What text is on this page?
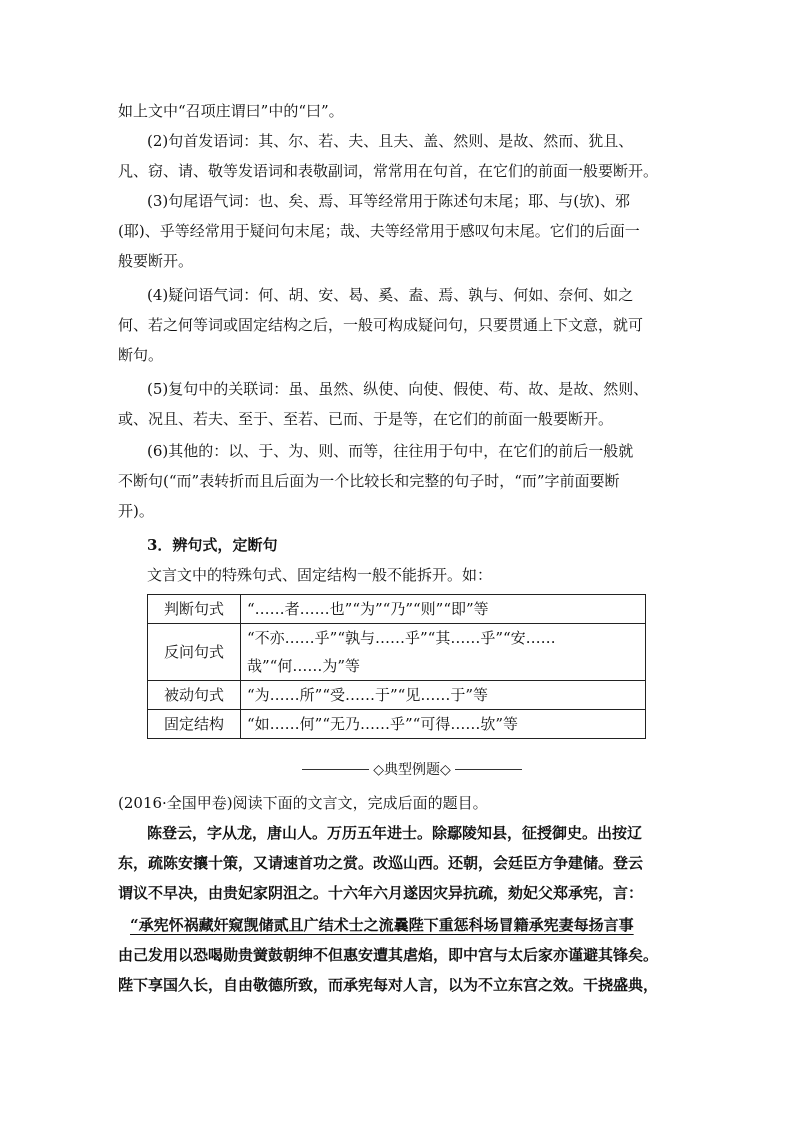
如上文中“召项庄谓曰”中的“曰”。
(2)句首发语词：其、尔、若、夫、且夫、盖、然则、是故、然而、犹且、
凡、窃、请、敬等发语词和表敬副词，常常用在句首，在它们的前面一般要断开。
(3)句尾语气词：也、矣、焉、耳等经常用于陈述句末尾；耶、与(欤)、邪
(耶)、乎等经常用于疑问句末尾；哉、夫等经常用于感叹句末尾。它们的后面一
般要断开。
(4)疑问语气词：何、胡、安、曷、奚、盍、焉、孰与、何如、奈何、如之
何、若之何等词或固定结构之后，一般可构成疑问句，只要贯通上下文意，就可
断句。
(5)复句中的关联词：虽、虽然、纵使、向使、假使、苟、故、是故、然则、
或、况且、若夫、至于、至若、已而、于是等，在它们的前面一般要断开。
(6)其他的：以、于、为、则、而等，往往用于句中，在它们的前后一般就
不断句(“而”表转折而且后面为一个比较长和完整的句子时，“而”字前面要断
开)。
3．辨句式，定断句
文言文中的特殊句式、固定结构一般不能拆开。如：
判断句式	“……者……也”“为”“乃”“则”“即”等
反问句式	“不亦……乎”“孰与……乎”“其……乎”“安……
哉”“何……为”等

被动句式	“为……所”“受……于”“见……于”等
固定结构	“如……何”“无乃……乎”“可得……欤”等
◇典型例题◇
(2016·全国甲卷)阅读下面的文言文，完成后面的题目。
陈登云，字从龙，唐山人。万历五年进士。除鄢陵知县，征授御史。出按辽
东，疏陈安攘十策，又请速首功之赏。改巡山西。还朝，会廷臣方争建储。登云
谓议不早决，由贵妃家阴沮之。十六年六月遂因灾异抗疏，劾妃父郑承宪，言：
“承宪怀祸藏奸窥觊储贰且广结术士之流曩陛下重惩科场冒籍承宪妻每扬言事
由己发用以恐喝勋贵黉鼓朝绅不但惠安遭其虐焰，即中宫与太后家亦谨避其锋矣。
陛下享国久长，自由敬德所致，而承宪每对人言，以为不立东宫之效。干挠盛典，
